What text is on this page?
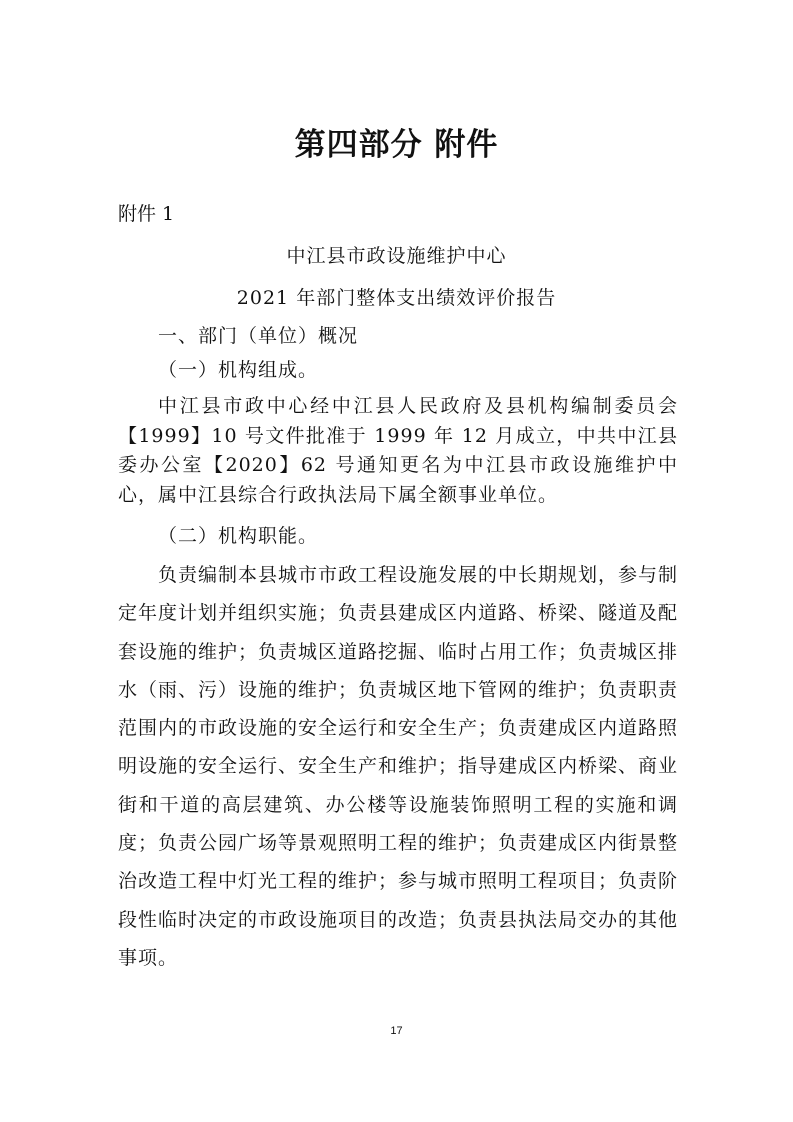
第四部分 附件
附件 1
中江县市政设施维护中心
2021 年部门整体支出绩效评价报告
一、部门（单位）概况
（一）机构组成。

中江县市政中心经中江县人民政府及县机构编制委员会【1999】10 号文件批准于 1999 年 12 月成立，中共中江县委办公室【2020】62 号通知更名为中江县市政设施维护中心，属中江县综合行政执法局下属全额事业单位。

（二）机构职能。

负责编制本县城市市政工程设施发展的中长期规划，参与制定年度计划并组织实施；负责县建成区内道路、桥梁、隧道及配套设施的维护；负责城区道路挖掘、临时占用工作；负责城区排水（雨、污）设施的维护；负责城区地下管网的维护；负责职责范围内的市政设施的安全运行和安全生产；负责建成区内道路照明设施的安全运行、安全生产和维护；指导建成区内桥梁、商业街和干道的高层建筑、办公楼等设施装饰照明工程的实施和调度；负责公园广场等景观照明工程的维护；负责建成区内街景整治改造工程中灯光工程的维护；参与城市照明工程项目；负责阶段性临时决定的市政设施项目的改造；负责县执法局交办的其他事项。

17
